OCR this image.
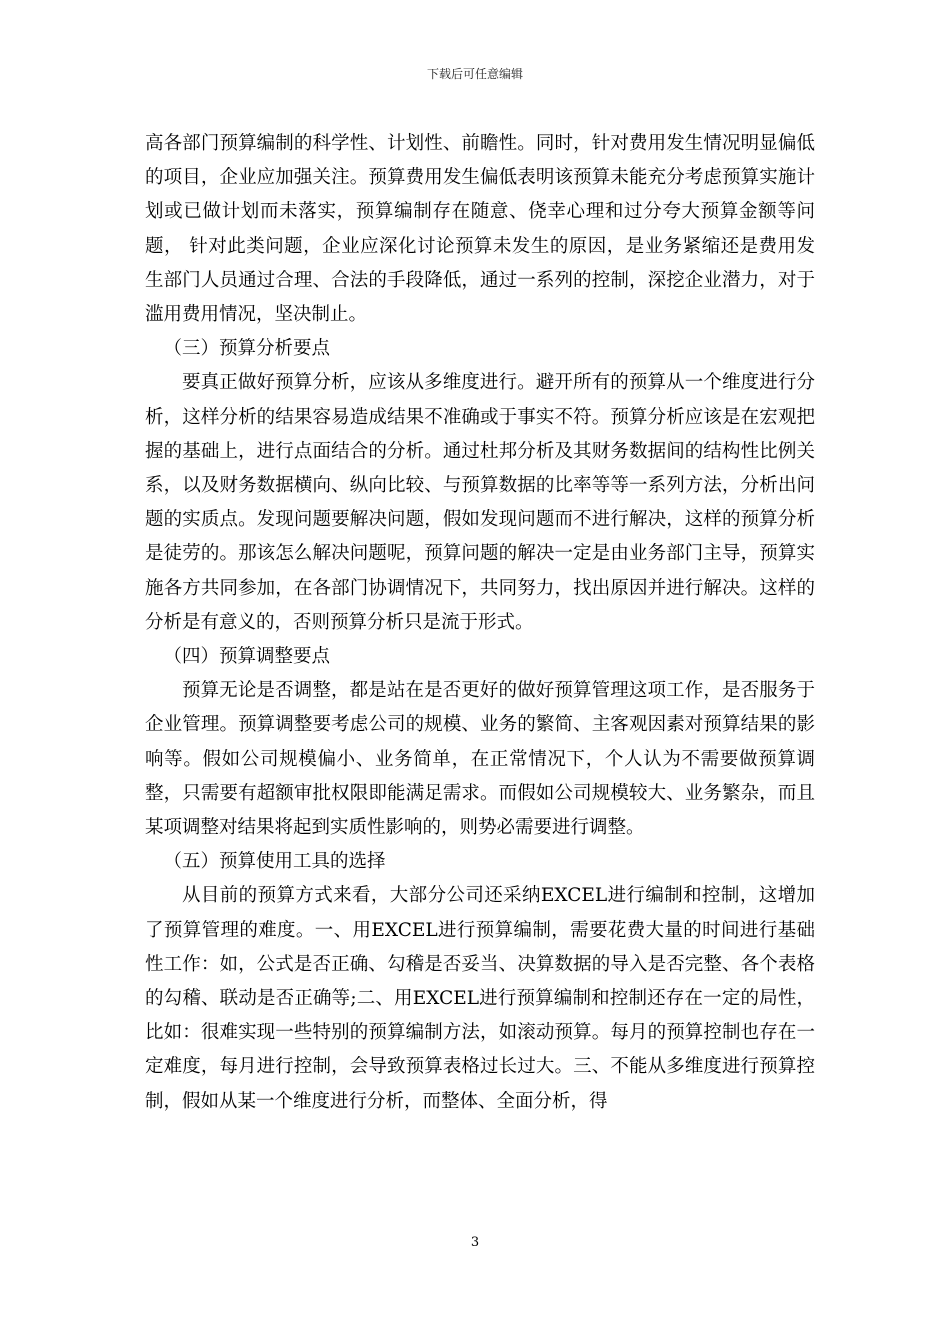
下载后可任意编辑

高各部门预算编制的科学性、计划性、前瞻性。同时，针对费用发生情况明显偏低的项目，企业应加强关注。预算费用发生偏低表明该预算未能充分考虑预算实施计划或已做计划而未落实，预算编制存在随意、侥幸心理和过分夸大预算金额等问题， 针对此类问题，企业应深化讨论预算未发生的原因，是业务紧缩还是费用发生部门人员通过合理、合法的手段降低，通过一系列的控制，深挖企业潜力，对于滥用费用情况，坚决制止。

（三）预算分析要点

要真正做好预算分析，应该从多维度进行。避开所有的预算从一个维度进行分析，这样分析的结果容易造成结果不准确或于事实不符。预算分析应该是在宏观把握的基础上，进行点面结合的分析。通过杜邦分析及其财务数据间的结构性比例关系，以及财务数据横向、纵向比较、与预算数据的比率等等一系列方法，分析出问题的实质点。发现问题要解决问题，假如发现问题而不进行解决，这样的预算分析是徒劳的。那该怎么解决问题呢，预算问题的解决一定是由业务部门主导，预算实施各方共同参加，在各部门协调情况下，共同努力，找出原因并进行解决。这样的分析是有意义的，否则预算分析只是流于形式。

（四）预算调整要点

预算无论是否调整，都是站在是否更好的做好预算管理这项工作，是否服务于企业管理。预算调整要考虑公司的规模、业务的繁简、主客观因素对预算结果的影响等。假如公司规模偏小、业务简单，在正常情况下，个人认为不需要做预算调整，只需要有超额审批权限即能满足需求。而假如公司规模较大、业务繁杂，而且某项调整对结果将起到实质性影响的，则势必需要进行调整。

（五）预算使用工具的选择

从目前的预算方式来看，大部分公司还采纳EXCEL进行编制和控制，这增加了预算管理的难度。一、用EXCEL进行预算编制，需要花费大量的时间进行基础性工作：如，公式是否正确、勾稽是否妥当、决算数据的导入是否完整、各个表格的勾稽、联动是否正确等;二、用EXCEL进行预算编制和控制还存在一定的局性，比如：很难实现一些特别的预算编制方法，如滚动预算。每月的预算控制也存在一定难度，每月进行控制，会导致预算表格过长过大。三、不能从多维度进行预算控制，假如从某一个维度进行分析，而整体、全面分析，得

3
